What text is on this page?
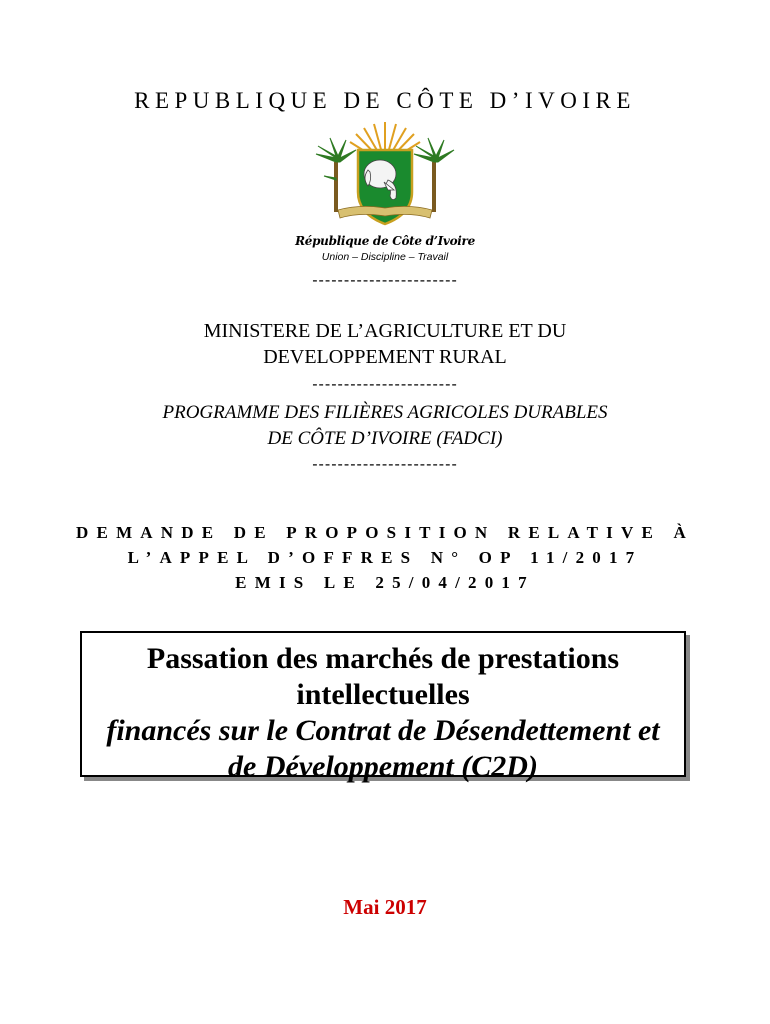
REPUBLIQUE DE CÔTE D’IVOIRE
République de Côte d’Ivoire
Union – Discipline – Travail
-----------------------
MINISTERE DE L’AGRICULTURE ET DU
DEVELOPPEMENT RURAL
-----------------------
PROGRAMME DES FILIÈRES AGRICOLES DURABLES
DE CÔTE D’IVOIRE (FADCI)
-----------------------
DEMANDE DE PROPOSITION RELATIVE À
L’APPEL D’OFFRES N° OP 11/2017
EMIS LE 25/04/2017
Passation des marchés de prestations
intellectuelles
financés sur le Contrat de Désendettement et
de Développement (C2D)
Mai 2017
